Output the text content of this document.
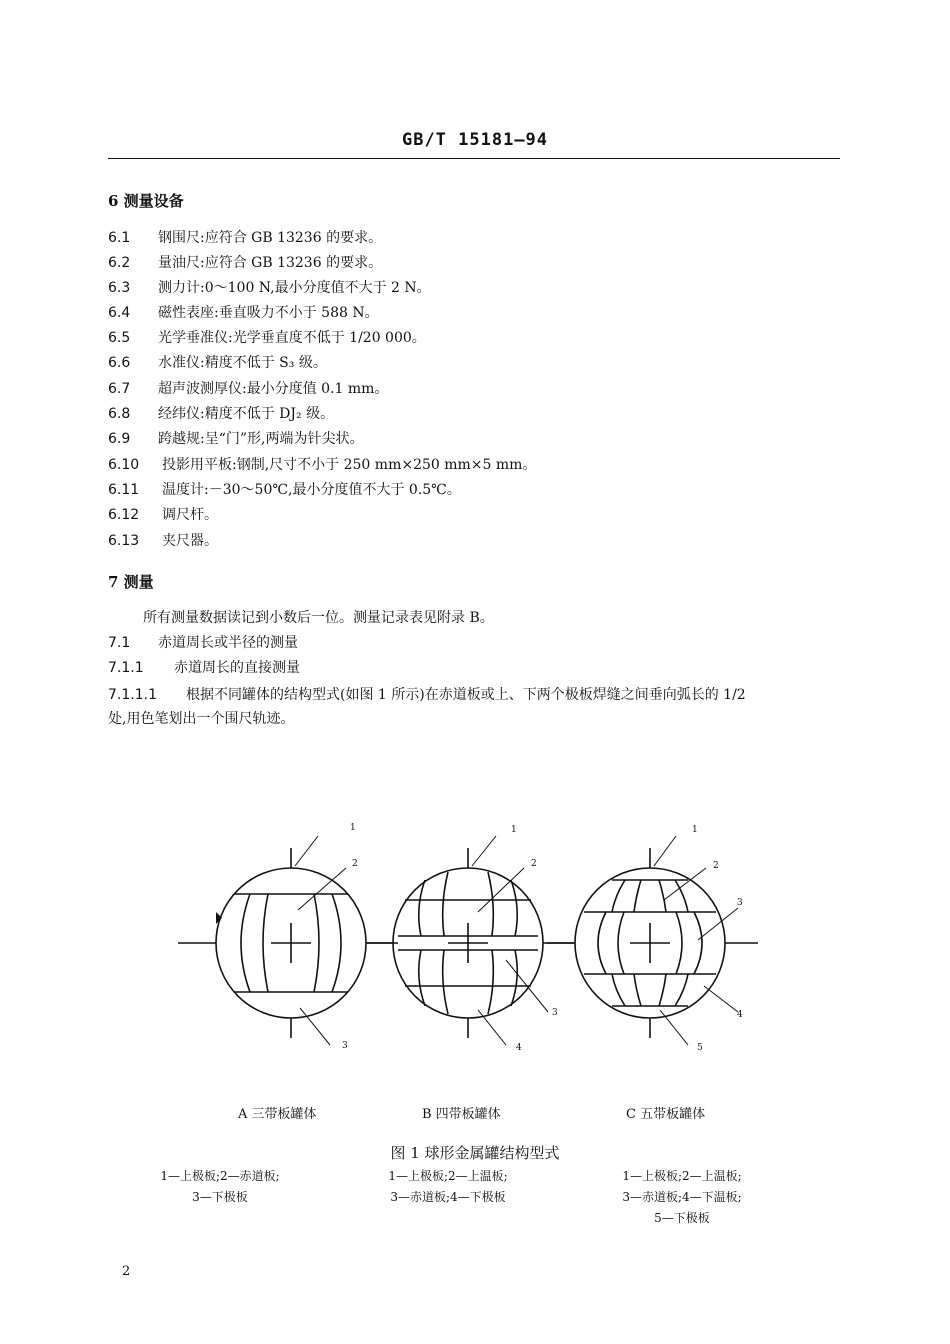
GB/T 15181—94
6 测量设备
6.1 钢围尺:应符合 GB 13236 的要求。
6.2 量油尺:应符合 GB 13236 的要求。
6.3 测力计:0～100 N,最小分度值不大于 2 N。
6.4 磁性表座:垂直吸力不小于 588 N。
6.5 光学垂准仪:光学垂直度不低于 1/20 000。
6.6 水准仪:精度不低于 S₃ 级。
6.7 超声波测厚仪:最小分度值 0.1 mm。
6.8 经纬仪:精度不低于 DJ₂ 级。
6.9 跨越规:呈“门”形,两端为针尖状。
6.10 投影用平板:钢制,尺寸不小于 250 mm×250 mm×5 mm。
6.11 温度计:－30～50℃,最小分度值不大于 0.5℃。
6.12 调尺杆。
6.13 夹尺器。
7 测量
所有测量数据读记到小数后一位。测量记录表见附录 B。
7.1 赤道周长或半径的测量
7.1.1 赤道周长的直接测量
7.1.1.1 根据不同罐体的结构型式(如图 1 所示)在赤道板或上、下两个极板焊缝之间垂向弧长的 1/2
处,用色笔划出一个围尺轨迹。
1
2
3
1
2
3
4
1
2
3
4
5
A 三带板罐体	B 四带板罐体	C 五带板罐体
图 1 球形金属罐结构型式
1—上极板;2—赤道板;
3—下极板
1—上极板;2—上温板;
3—赤道板;4—下极板
1—上极板;2—上温板;
3—赤道板;4—下温板;
5—下极板
2
